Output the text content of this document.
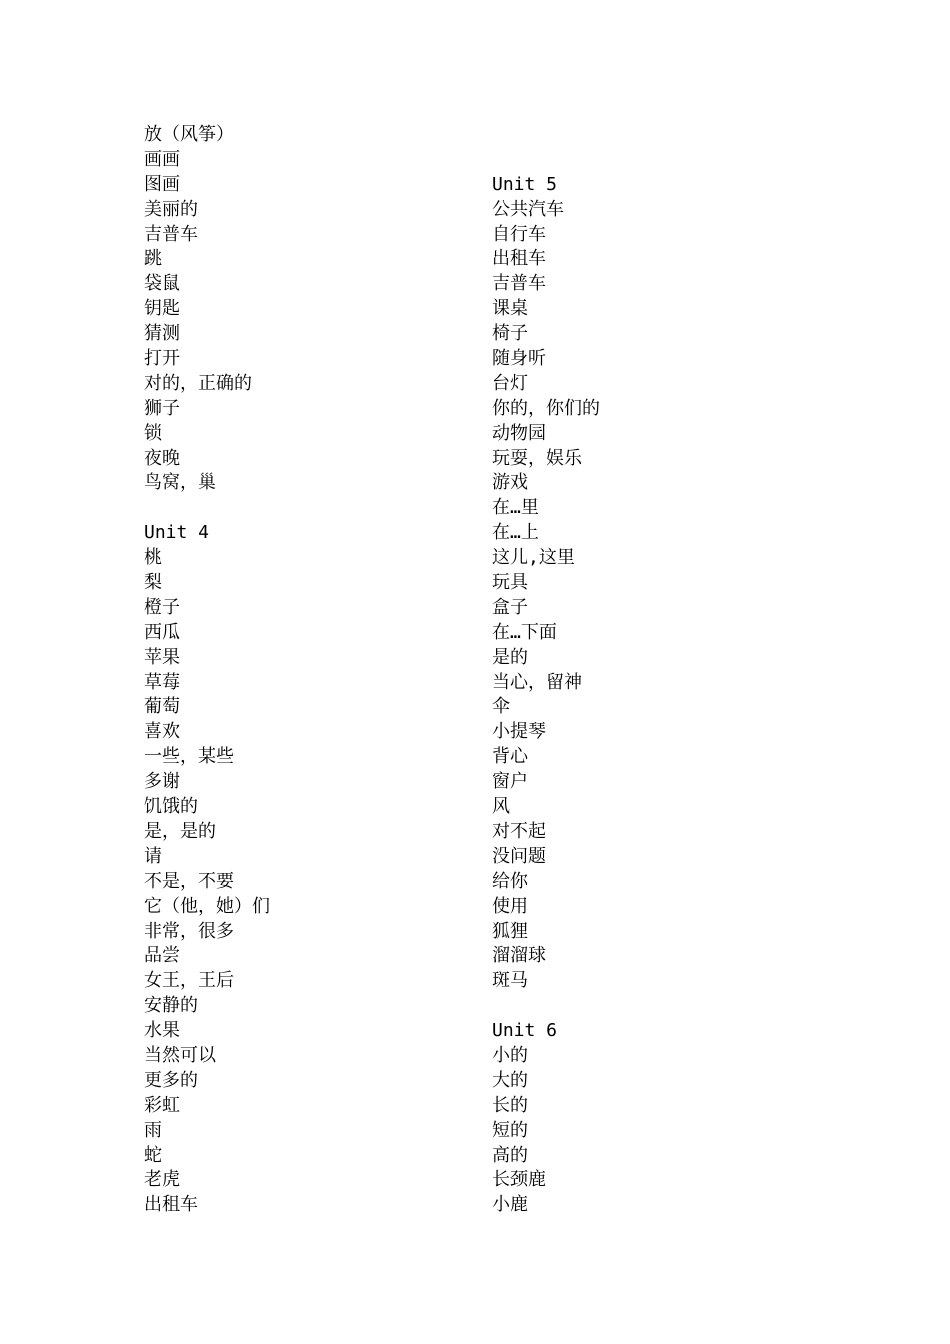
放（风筝）
画画
图画
美丽的
吉普车
跳
袋鼠
钥匙
猜测
打开
对的，正确的
狮子
锁
夜晚
鸟窝，巢
Unit 4
桃
梨
橙子
西瓜
苹果
草莓
葡萄
喜欢
一些，某些
多谢
饥饿的
是，是的
请
不是，不要
它（他，她）们
非常，很多
品尝
女王，王后
安静的
水果
当然可以
更多的
彩虹
雨
蛇
老虎
出租车
Unit 5
公共汽车
自行车
出租车
吉普车
课桌
椅子
随身听
台灯
你的，你们的
动物园
玩耍，娱乐
游戏
在…里
在…上
这儿,这里
玩具
盒子
在…下面
是的
当心，留神
伞
小提琴
背心
窗户
风
对不起
没问题
给你
使用
狐狸
溜溜球
斑马
Unit 6
小的
大的
长的
短的
高的
长颈鹿
小鹿
